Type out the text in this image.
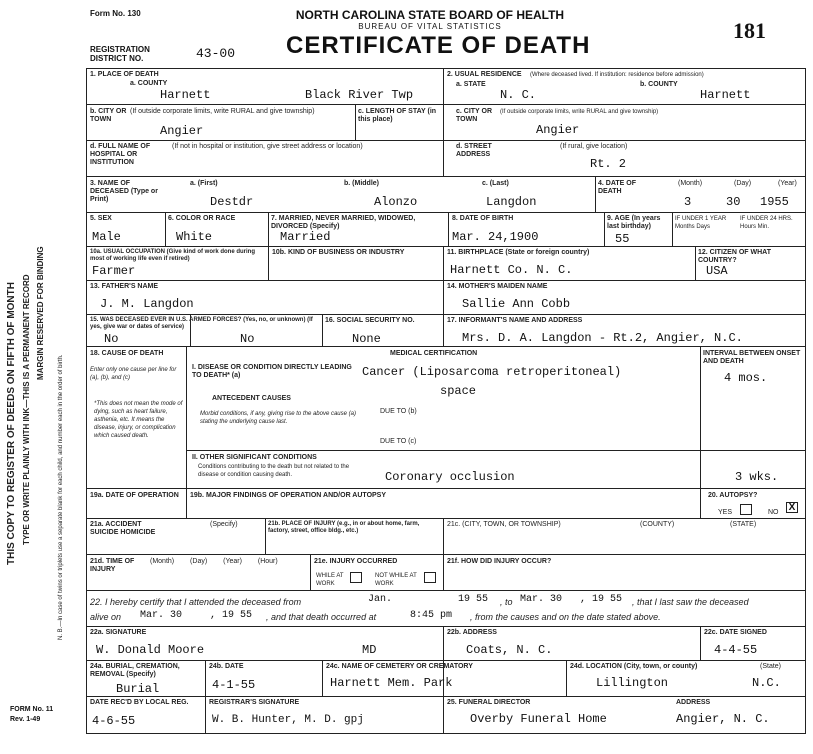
THIS COPY TO REGISTER OF DEEDS ON FIFTH OF MONTH TYPE OR WRITE PLAINLY WITH INK—THIS IS A PERMANENT RECORD MARGIN RESERVED FOR BINDING
N. B.—In case of twins or triplets use a separate blank for each child, and number each in the order of birth.
Form No. 130	NORTH CAROLINA STATE BOARD OF HEALTH
BUREAU OF VITAL STATISTICS
CERTIFICATE OF DEATH
181
REGISTRATION DISTRICT NO.	43-00
1. PLACE OF DEATH
a. COUNTY
Harnett	Black River Twp
b. CITY OR TOWN
(If outside corporate limits, write RURAL and give township)
Angier
c. LENGTH OF STAY (in this place)
d. FULL NAME OF HOSPITAL OR INSTITUTION
(If not in hospital or institution, give street address or location)
2. USUAL RESIDENCE (Where deceased lived. If institution: residence before admission)
a. STATE
N. C.
b. COUNTY
Harnett
c. CITY OR TOWN
(If outside corporate limits, write RURAL and give township)
Angier
d. STREET ADDRESS
(If rural, give location)
Rt. 2
3. NAME OF DECEASED (Type or Print)
a. (First)
Destdr
b. (Middle)
Alonzo
c. (Last)
Langdon
4. DATE OF DEATH
(Month)	(Day)	(Year)
3	30 1955
5. SEX
Male
6. COLOR OR RACE
White
7. MARRIED, NEVER MARRIED, WIDOWED, DIVORCED (Specify)
Married
8. DATE OF BIRTH
Mar. 24,1900
9. AGE (In years last birthday)
55
IF UNDER 1 YEAR Months Days
IF UNDER 24 HRS. Hours Min.
10a. USUAL OCCUPATION (Give kind of work done during most of working life even if retired)
Farmer
10b. KIND OF BUSINESS OR INDUSTRY	11. BIRTHPLACE (State or foreign country)
Harnett Co. N. C.
12. CITIZEN OF WHAT COUNTRY?
USA
13. FATHER'S NAME
J. M. Langdon
14. MOTHER'S MAIDEN NAME
Sallie Ann Cobb
15. WAS DECEASED EVER IN U.S. ARMED FORCES? (Yes, no, or unknown) (If yes, give war or dates of service)
No	No
16. SOCIAL SECURITY NO.
None
17. INFORMANT'S NAME AND ADDRESS
Mrs. D. A. Langdon - Rt.2, Angier, N.C.
18. CAUSE OF DEATH
Enter only one cause per line for (a), (b), and (c)
*This does not mean the mode of dying, such as heart failure, asthenia, etc. It means the disease, injury, or complication which caused death.
MEDICAL CERTIFICATION
I. DISEASE OR CONDITION DIRECTLY LEADING TO DEATH* (a)	Cancer (Liposarcoma retroperitoneal)
space
ANTECEDENT CAUSES
Morbid conditions, if any, giving rise to the above cause (a) stating the underlying cause last.
DUE TO (b)
DUE TO (c)
INTERVAL BETWEEN ONSET AND DEATH
4 mos.
II. OTHER SIGNIFICANT CONDITIONS
Conditions contributing to the death but not related to the disease or condition causing death.	Coronary occlusion	3 wks.
19a. DATE OF OPERATION	19b. MAJOR FINDINGS OF OPERATION AND/OR AUTOPSY	20. AUTOPSY?
YES	NO X
21a. ACCIDENT SUICIDE HOMICIDE
(Specify)	21b. PLACE OF INJURY (e.g., in or about home, farm, factory, street, office bldg., etc.)
21c. (CITY, TOWN, OR TOWNSHIP)	(COUNTY)	(STATE)
21d. TIME OF INJURY
(Month) (Day) (Year) (Hour)	21e. INJURY OCCURRED
WHILE AT WORK
NOT WHILE AT WORK
21f. HOW DID INJURY OCCUR?
22. I hereby certify that I attended the deceased from	Jan.	19 55 , to Mar. 30 , 19 55 , that I last saw the deceased
alive on Mar. 30	, 19 55 , and that death occurred at	8:45 pm , from the causes and on the date stated above.
22a. SIGNATURE
W. Donald Moore	MD
22b. ADDRESS
Coats, N. C.
22c. DATE SIGNED
4-4-55
24a. BURIAL, CREMATION, REMOVAL (Specify)
Burial
24b. DATE
4-1-55
24c. NAME OF CEMETERY OR CREMATORY
Harnett Mem. Park
24d. LOCATION (City, town, or county)
Lillington
(State)
N.C.
DATE REC'D BY LOCAL REG.
4-6-55
REGISTRAR'S SIGNATURE
W. B. Hunter, M. D. gpj
25. FUNERAL DIRECTOR
Overby Funeral Home
ADDRESS
Angier, N. C.
FORM No. 11
Rev. 1-49
